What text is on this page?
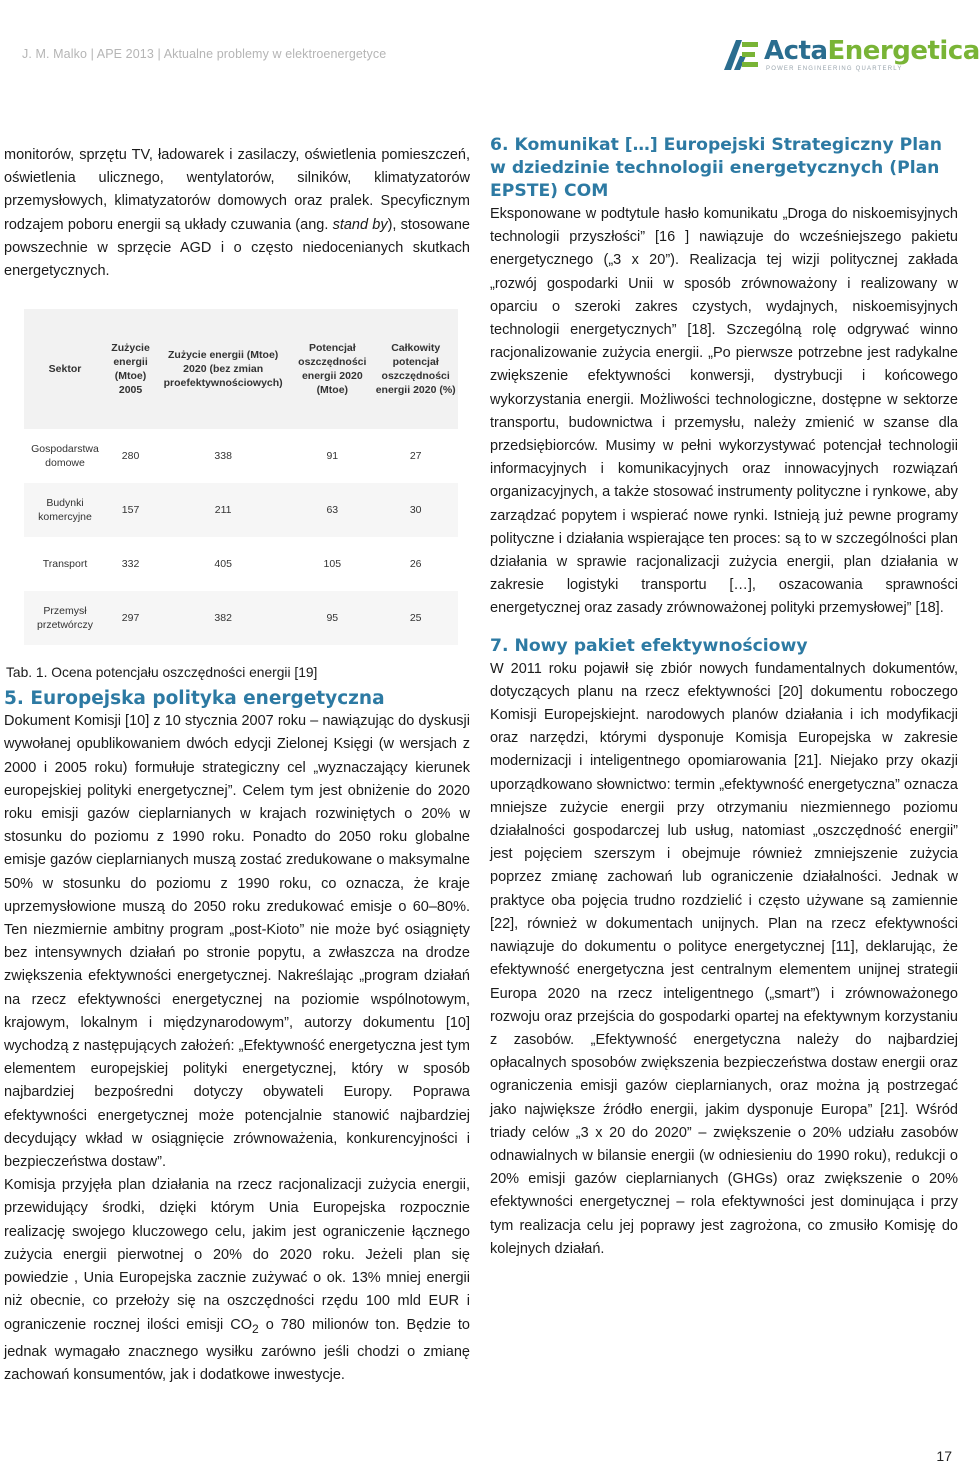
J. M. Malko | APE 2013 | Aktualne problemy w elektroenergetyce	ActaEnergetica
POWER ENGINEERING QUARTERLY

monitorów, sprzętu TV, ładowarek i zasilaczy, oświetlenia pomieszczeń, oświetlenia ulicznego, wentylatorów, silników, klimatyzatorów przemysłowych, klimatyzatorów domowych oraz pralek. Specyficznym rodzajem poboru energii są układy czuwania (ang. stand by), stosowane powszechnie w sprzęcie AGD i o często niedocenianych skutkach energetycznych.

Sektor	Zużycie energii (Mtoe) 2005	Zużycie energii (Mtoe) 2020 (bez zmian proefektywnościowych)	Potencjał oszczędności energii 2020 (Mtoe)	Całkowity potencjał oszczędności energii 2020 (%)
Gospodarstwa domowe	280	338	91	27
Budynki komercyjne	157	211	63	30
Transport	332	405	105	26
Przemysł przetwórczy	297	382	95	25
Tab. 1. Ocena potencjału oszczędności energii [19]
5. Europejska polityka energetyczna

Dokument Komisji [10] z 10 stycznia 2007 roku – nawiązując do dyskusji wywołanej opublikowaniem dwóch edycji Zielonej Księgi (w wersjach z 2000 i 2005 roku) formułuje strategiczny cel „wyznaczający kierunek europejskiej polityki energetycznej”. Celem tym jest obniżenie do 2020 roku emisji gazów cieplarnianych w krajach rozwiniętych o 20% w stosunku do poziomu z 1990 roku. Ponadto do 2050 roku globalne emisje gazów cieplarnianych muszą zostać zredukowane o maksymalne 50% w stosunku do poziomu z 1990 roku, co oznacza, że kraje uprzemysłowione muszą do 2050 roku zredukować emisje o 60–80%. Ten niezmiernie ambitny program „post-Kioto” nie może być osiągnięty bez intensywnych działań po stronie popytu, a zwłaszcza na drodze zwiększenia efektywności energetycznej. Nakreślając „program działań na rzecz efektywności energetycznej na poziomie wspólnotowym, krajowym, lokalnym i międzynarodowym”, autorzy dokumentu [10] wychodzą z następujących założeń: „Efektywność energetyczna jest tym elementem europejskiej polityki energetycznej, który w sposób najbardziej bezpośredni dotyczy obywateli Europy. Poprawa efektywności energetycznej może potencjalnie stanowić najbardziej decydujący wkład w osiągnięcie zrównoważenia, konkurencyjności i bezpieczeństwa dostaw”.

Komisja przyjęła plan działania na rzecz racjonalizacji zużycia energii, przewidujący środki, dzięki którym Unia Europejska rozpocznie realizację swojego kluczowego celu, jakim jest ograniczenie łącznego zużycia energii pierwotnej o 20% do 2020 roku. Jeżeli plan się powiedzie , Unia Europejska zacznie zużywać o ok. 13% mniej energii niż obecnie, co przełoży się na oszczędności rzędu 100 mld EUR i ograniczenie rocznej ilości emisji $CO_2$ o 780 milionów ton. Będzie to jednak wymagało znacznego wysiłku zarówno jeśli chodzi o zmianę zachowań konsumentów, jak i dodatkowe inwestycje.

6. Komunikat […] Europejski Strategiczny Plan w dziedzinie technologii energetycznych (Plan EPSTE) COM

Eksponowane w podtytule hasło komunikatu „Droga do niskoemisyjnych technologii przyszłości” [16 ] nawiązuje do wcześniejszego pakietu energetycznego („3 x 20”). Realizacja tej wizji politycznej zakłada „rozwój gospodarki Unii w sposób zrównoważony i realizowany w oparciu o szeroki zakres czystych, wydajnych, niskoemisyjnych technologii energetycznych” [18]. Szczególną rolę odgrywać winno racjonalizowanie zużycia energii. „Po pierwsze potrzebne jest radykalne zwiększenie efektywności konwersji, dystrybucji i końcowego wykorzystania energii. Możliwości technologiczne, dostępne w sektorze transportu, budownictwa i przemysłu, należy zmienić w szanse dla przedsiębiorców. Musimy w pełni wykorzystywać potencjał technologii informacyjnych i komunikacyjnych oraz innowacyjnych rozwiązań organizacyjnych, a także stosować instrumenty polityczne i rynkowe, aby zarządzać popytem i wspierać nowe rynki. Istnieją już pewne programy polityczne i działania wspierające ten proces: są to w szczególności plan działania w sprawie racjonalizacji zużycia energii, plan działania w zakresie logistyki transportu […], oszacowania sprawności energetycznej oraz zasady zrównoważonej polityki przemysłowej” [18].

7. Nowy pakiet efektywnościowy

W 2011 roku pojawił się zbiór nowych fundamentalnych dokumentów, dotyczących planu na rzecz efektywności [20] dokumentu roboczego Komisji Europejskiejnt. narodowych planów działania i ich modyfikacji oraz narzędzi, którymi dysponuje Komisja Europejska w zakresie modernizacji i inteligentnego opomiarowania [21]. Niejako przy okazji uporządkowano słownictwo: termin „efektywność energetyczna” oznacza mniejsze zużycie energii przy otrzymaniu niezmiennego poziomu działalności gospodarczej lub usług, natomiast „oszczędność energii” jest pojęciem szerszym i obejmuje również zmniejszenie zużycia poprzez zmianę zachowań lub ograniczenie działalności. Jednak w praktyce oba pojęcia trudno rozdzielić i często używane są zamiennie [22], również w dokumentach unijnych. Plan na rzecz efektywności nawiązuje do dokumentu o polityce energetycznej [11], deklarując, że efektywność energetyczna jest centralnym elementem unijnej strategii Europa 2020 na rzecz inteligentnego („smart”) i zrównoważonego rozwoju oraz przejścia do gospodarki opartej na efektywnym korzystaniu z zasobów. „Efektywność energetyczna należy do najbardziej opłacalnych sposobów zwiększenia bezpieczeństwa dostaw energii oraz ograniczenia emisji gazów cieplarnianych, oraz można ją postrzegać jako największe źródło energii, jakim dysponuje Europa” [21]. Wśród triady celów „3 x 20 do 2020” – zwiększenie o 20% udziału zasobów odnawialnych w bilansie energii (w odniesieniu do 1990 roku), redukcji o 20% emisji gazów cieplarnianych (GHGs) oraz zwiększenie o 20% efektywności energetycznej – rola efektywności jest dominująca i przy tym realizacja celu jej poprawy jest zagrożona, co zmusiło Komisję do kolejnych działań.

17
